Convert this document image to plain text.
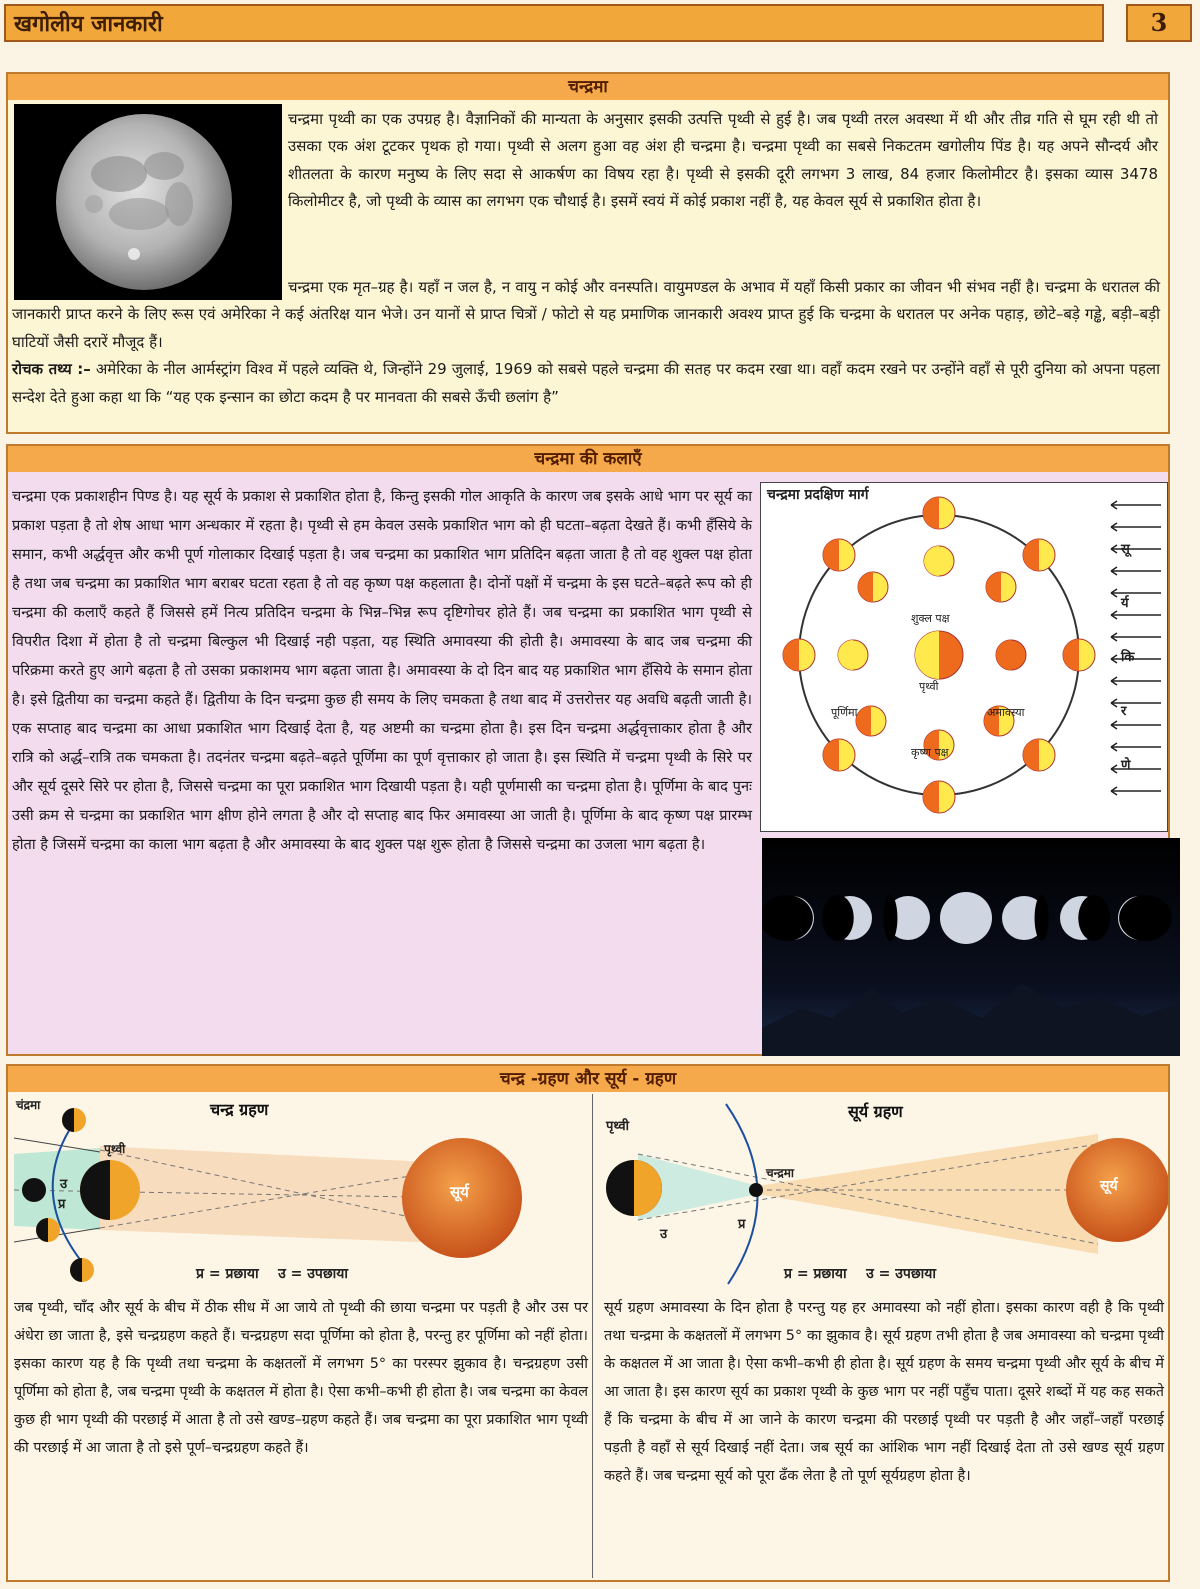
खगोलीय जानकारी	3
चन्द्रमा

चन्द्रमा पृथ्वी का एक उपग्रह है। वैज्ञानिकों की मान्यता के अनुसार इसकी उत्पत्ति पृथ्वी से हुई है। जब पृथ्वी तरल अवस्था में थी और तीव्र गति से घूम रही थी तो उसका एक अंश टूटकर पृथक हो गया। पृथ्वी से अलग हुआ वह अंश ही चन्द्रमा है। चन्द्रमा पृथ्वी का सबसे निकटतम खगोलीय पिंड है। यह अपने सौन्दर्य और शीतलता के कारण मनुष्य के लिए सदा से आकर्षण का विषय रहा है। पृथ्वी से इसकी दूरी लगभग 3 लाख, 84 हजार किलोमीटर है। इसका व्यास 3478 किलोमीटर है, जो पृथ्वी के व्यास का लगभग एक चौथाई है। इसमें स्वयं में कोई प्रकाश नहीं है, यह केवल सूर्य से प्रकाशित होता है।

चन्द्रमा एक मृत–ग्रह है। यहाँ न जल है, न वायु न कोई और वनस्पति। वायुमण्डल के अभाव में यहाँ किसी प्रकार का जीवन भी संभव नहीं है। चन्द्रमा के धरातल की जानकारी प्राप्त करने के लिए रूस एवं अमेरिका ने कई अंतरिक्ष यान भेजे। उन यानों से प्राप्त चित्रों / फोटो से यह प्रमाणिक जानकारी अवश्य प्राप्त हुई कि चन्द्रमा के धरातल पर अनेक पहाड़, छोटे–बड़े गड्ढे, बड़ी–बड़ी घाटियों जैसी दरारें मौजूद हैं।

रोचक तथ्य :– अमेरिका के नील आर्मस्ट्रांग विश्व में पहले व्यक्ति थे, जिन्होंने 29 जुलाई, 1969 को सबसे पहले चन्द्रमा की सतह पर कदम रखा था। वहाँ कदम रखने पर उन्होंने वहाँ से पूरी दुनिया को अपना पहला सन्देश देते हुआ कहा था कि “यह एक इन्सान का छोटा कदम है पर मानवता की सबसे ऊँची छलांग है”

चन्द्रमा की कलाएँ
चन्द्रमा एक प्रकाशहीन पिण्ड है। यह सूर्य के प्रकाश से प्रकाशित होता है, किन्तु इसकी गोल आकृति के कारण जब इसके आधे भाग पर सूर्य का प्रकाश पड़ता है तो शेष आधा भाग अन्धकार में रहता है। पृथ्वी से हम केवल उसके प्रकाशित भाग को ही घटता–बढ़ता देखते हैं। कभी हँसिये के समान, कभी अर्द्धवृत्त और कभी पूर्ण गोलाकार दिखाई पड़ता है। जब चन्द्रमा का प्रकाशित भाग प्रतिदिन बढ़ता जाता है तो वह शुक्ल पक्ष होता है तथा जब चन्द्रमा का प्रकाशित भाग बराबर घटता रहता है तो वह कृष्ण पक्ष कहलाता है। दोनों पक्षों में चन्द्रमा के इस घटते–बढ़ते रूप को ही चन्द्रमा की कलाएँ कहते हैं जिससे हमें नित्य प्रतिदिन चन्द्रमा के भिन्न–भिन्न रूप दृष्टिगोचर होते हैं। जब चन्द्रमा का प्रकाशित भाग पृथ्वी से विपरीत दिशा में होता है तो चन्द्रमा बिल्कुल भी दिखाई नही पड़ता, यह स्थिति अमावस्या की होती है। अमावस्या के बाद जब चन्द्रमा की परिक्रमा करते हुए आगे बढ़ता है तो उसका प्रकाशमय भाग बढ़ता जाता है। अमावस्या के दो दिन बाद यह प्रकाशित भाग हँसिये के समान होता है। इसे द्वितीया का चन्द्रमा कहते हैं। द्वितीया के दिन चन्द्रमा कुछ ही समय के लिए चमकता है तथा बाद में उत्तरोत्तर यह अवधि बढ़ती जाती है। एक सप्ताह बाद चन्द्रमा का आधा प्रकाशित भाग दिखाई देता है, यह अष्टमी का चन्द्रमा होता है। इस दिन चन्द्रमा अर्द्धवृत्ताकार होता है और रात्रि को अर्द्ध–रात्रि तक चमकता है। तदनंतर चन्द्रमा बढ़ते–बढ़ते पूर्णिमा का पूर्ण वृत्ताकार हो जाता है। इस स्थिति में चन्द्रमा पृथ्वी के सिरे पर और सूर्य दूसरे सिरे पर होता है, जिससे चन्द्रमा का पूरा प्रकाशित भाग दिखायी पड़ता है। यही पूर्णमासी का चन्द्रमा होता है। पूर्णिमा के बाद पुनः उसी क्रम से चन्द्रमा का प्रकाशित भाग क्षीण होने लगता है और दो सप्ताह बाद फिर अमावस्या आ जाती है। पूर्णिमा के बाद कृष्ण पक्ष प्रारम्भ होता है जिसमें चन्द्रमा का काला भाग बढ़ता है और अमावस्या के बाद शुक्ल पक्ष शुरू होता है जिससे चन्द्रमा का उजला भाग बढ़ता है।
चन्द्रमा प्रदक्षिण मार्ग
शुक्ल पक्ष
पृथ्वी
पूर्णिमा	अमावस्या
कृष्ण पक्ष
सू
र्य
कि
र
णे
चन्द्र -ग्रहण और सूर्य - ग्रहण
चन्द्र ग्रहण
चंद्रमा
पृथ्वी
सूर्य
उ
प्र
प्र = प्रछाया    उ = उपछाया
जब पृथ्वी, चाँद और सूर्य के बीच में ठीक सीध में आ जाये तो पृथ्वी की छाया चन्द्रमा पर पड़ती है और उस पर अंधेरा छा जाता है, इसे चन्द्रग्रहण कहते हैं। चन्द्रग्रहण सदा पूर्णिमा को होता है, परन्तु हर पूर्णिमा को नहीं होता। इसका कारण यह है कि पृथ्वी तथा चन्द्रमा के कक्षतलों में लगभग 5° का परस्पर झुकाव है। चन्द्रग्रहण उसी पूर्णिमा को होता है, जब चन्द्रमा पृथ्वी के कक्षतल में होता है। ऐसा कभी–कभी ही होता है। जब चन्द्रमा का केवल कुछ ही भाग पृथ्वी की परछाई में आता है तो उसे खण्ड–ग्रहण कहते हैं। जब चन्द्रमा का पूरा प्रकाशित भाग पृथ्वी की परछाई में आ जाता है तो इसे पूर्ण–चन्द्रग्रहण कहते हैं।
सूर्य ग्रहण
पृथ्वी
चन्द्रमा
सूर्य
उ
प्र
प्र = प्रछाया    उ = उपछाया
सूर्य ग्रहण अमावस्या के दिन होता है परन्तु यह हर अमावस्या को नहीं होता। इसका कारण वही है कि पृथ्वी तथा चन्द्रमा के कक्षतलों में लगभग 5° का झुकाव है। सूर्य ग्रहण तभी होता है जब अमावस्या को चन्द्रमा पृथ्वी के कक्षतल में आ जाता है। ऐसा कभी–कभी ही होता है। सूर्य ग्रहण के समय चन्द्रमा पृथ्वी और सूर्य के बीच में आ जाता है। इस कारण सूर्य का प्रकाश पृथ्वी के कुछ भाग पर नहीं पहुँच पाता। दूसरे शब्दों में यह कह सकते हैं कि चन्द्रमा के बीच में आ जाने के कारण चन्द्रमा की परछाई पृथ्वी पर पड़ती है और जहाँ–जहाँ परछाई पड़ती है वहाँ से सूर्य दिखाई नहीं देता। जब सूर्य का आंशिक भाग नहीं दिखाई देता तो उसे खण्ड सूर्य ग्रहण कहते हैं। जब चन्द्रमा सूर्य को पूरा ढँक लेता है तो पूर्ण सूर्यग्रहण होता है।
